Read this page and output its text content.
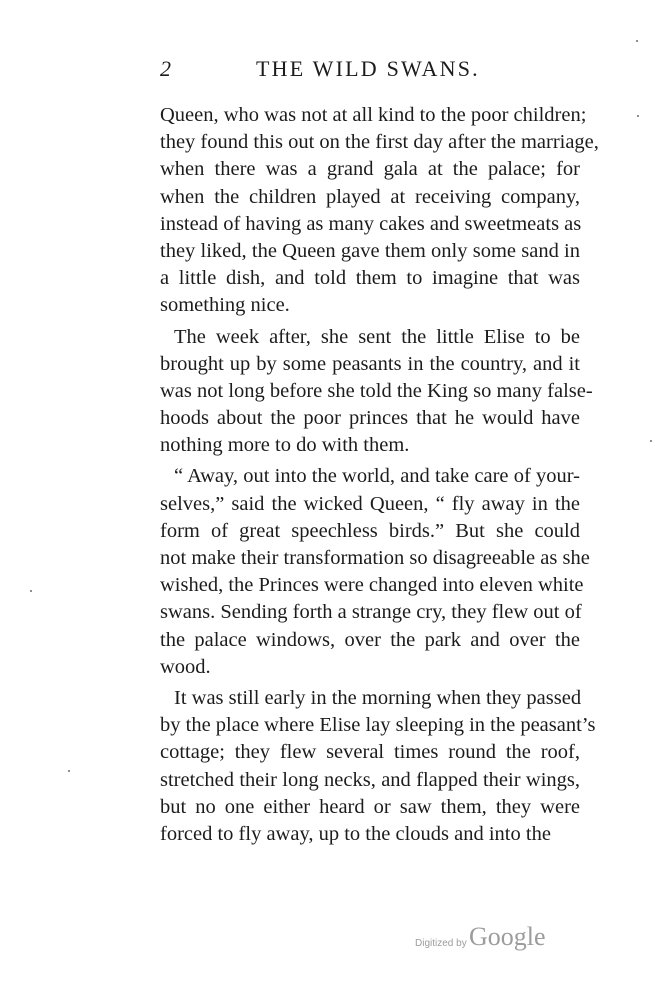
2	THE WILD SWANS.
Queen, who was not at all kind to the poor children;
they found this out on the first day after the marriage,
when there was a grand gala at the palace; for
when the children played at receiving company,
instead of having as many cakes and sweetmeats as
they liked, the Queen gave them only some sand in
a little dish, and told them to imagine that was
something nice.
The week after, she sent the little Elise to be
brought up by some peasants in the country, and it
was not long before she told the King so many false-
hoods about the poor princes that he would have
nothing more to do with them.
“ Away, out into the world, and take care of your-
selves,” said the wicked Queen, “ fly away in the
form of great speechless birds.” But she could
not make their transformation so disagreeable as she
wished, the Princes were changed into eleven white
swans. Sending forth a strange cry, they flew out of
the palace windows, over the park and over the
wood.
It was still early in the morning when they passed
by the place where Elise lay sleeping in the peasant’s
cottage; they flew several times round the roof,
stretched their long necks, and flapped their wings,
but no one either heard or saw them, they were
forced to fly away, up to the clouds and into the
Digitized by Google
